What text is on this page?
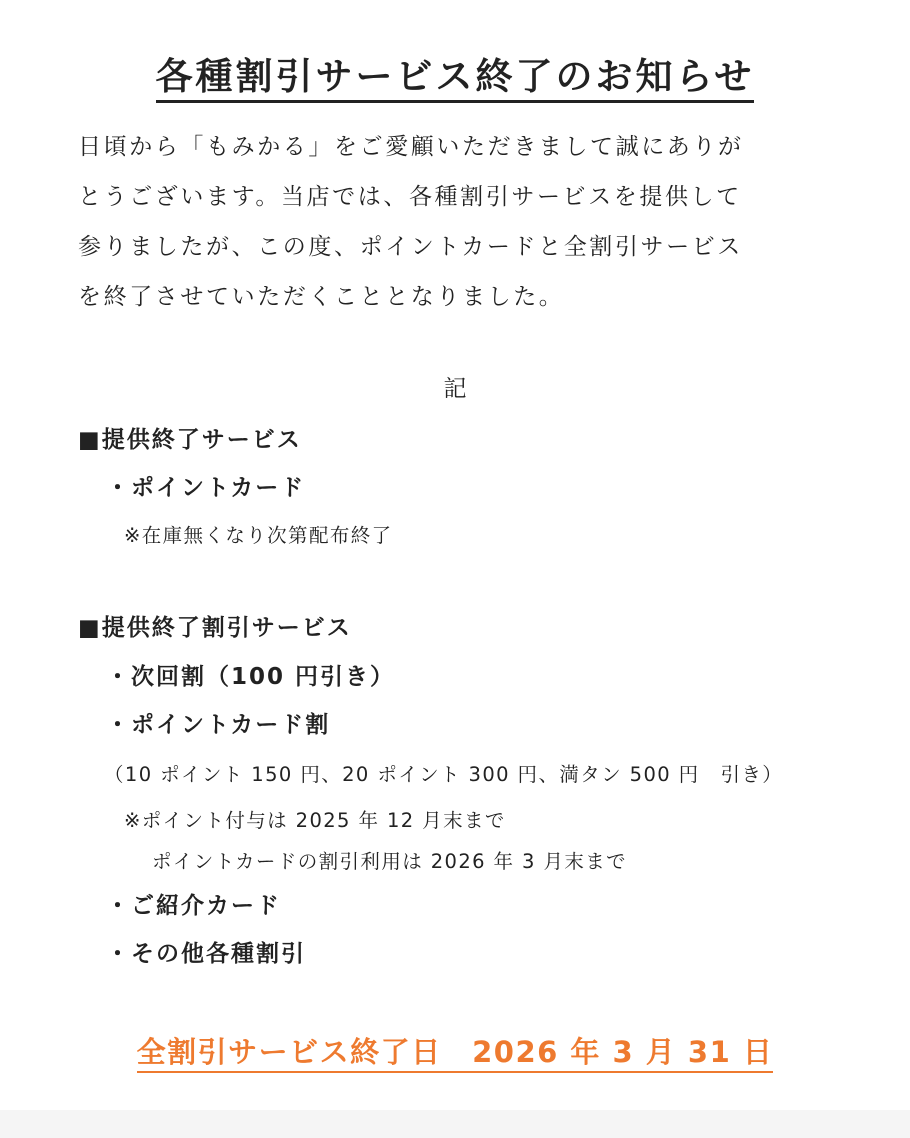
各種割引サービス終了のお知らせ
日頃から「もみかる」をご愛顧いただきまして誠にありが
とうございます。当店では、各種割引サービスを提供して
参りましたが、この度、ポイントカードと全割引サービス
を終了させていただくこととなりました。
記
■提供終了サービス
・ポイントカード
※在庫無くなり次第配布終了
■提供終了割引サービス
・次回割（100 円引き）
・ポイントカード割
（10 ポイント 150 円、20 ポイント 300 円、満タン 500 円　引き）
※ポイント付与は 2025 年 12 月末まで
ポイントカードの割引利用は 2026 年 3 月末まで
・ご紹介カード
・その他各種割引
全割引サービス終了日　2026 年 3 月 31 日
